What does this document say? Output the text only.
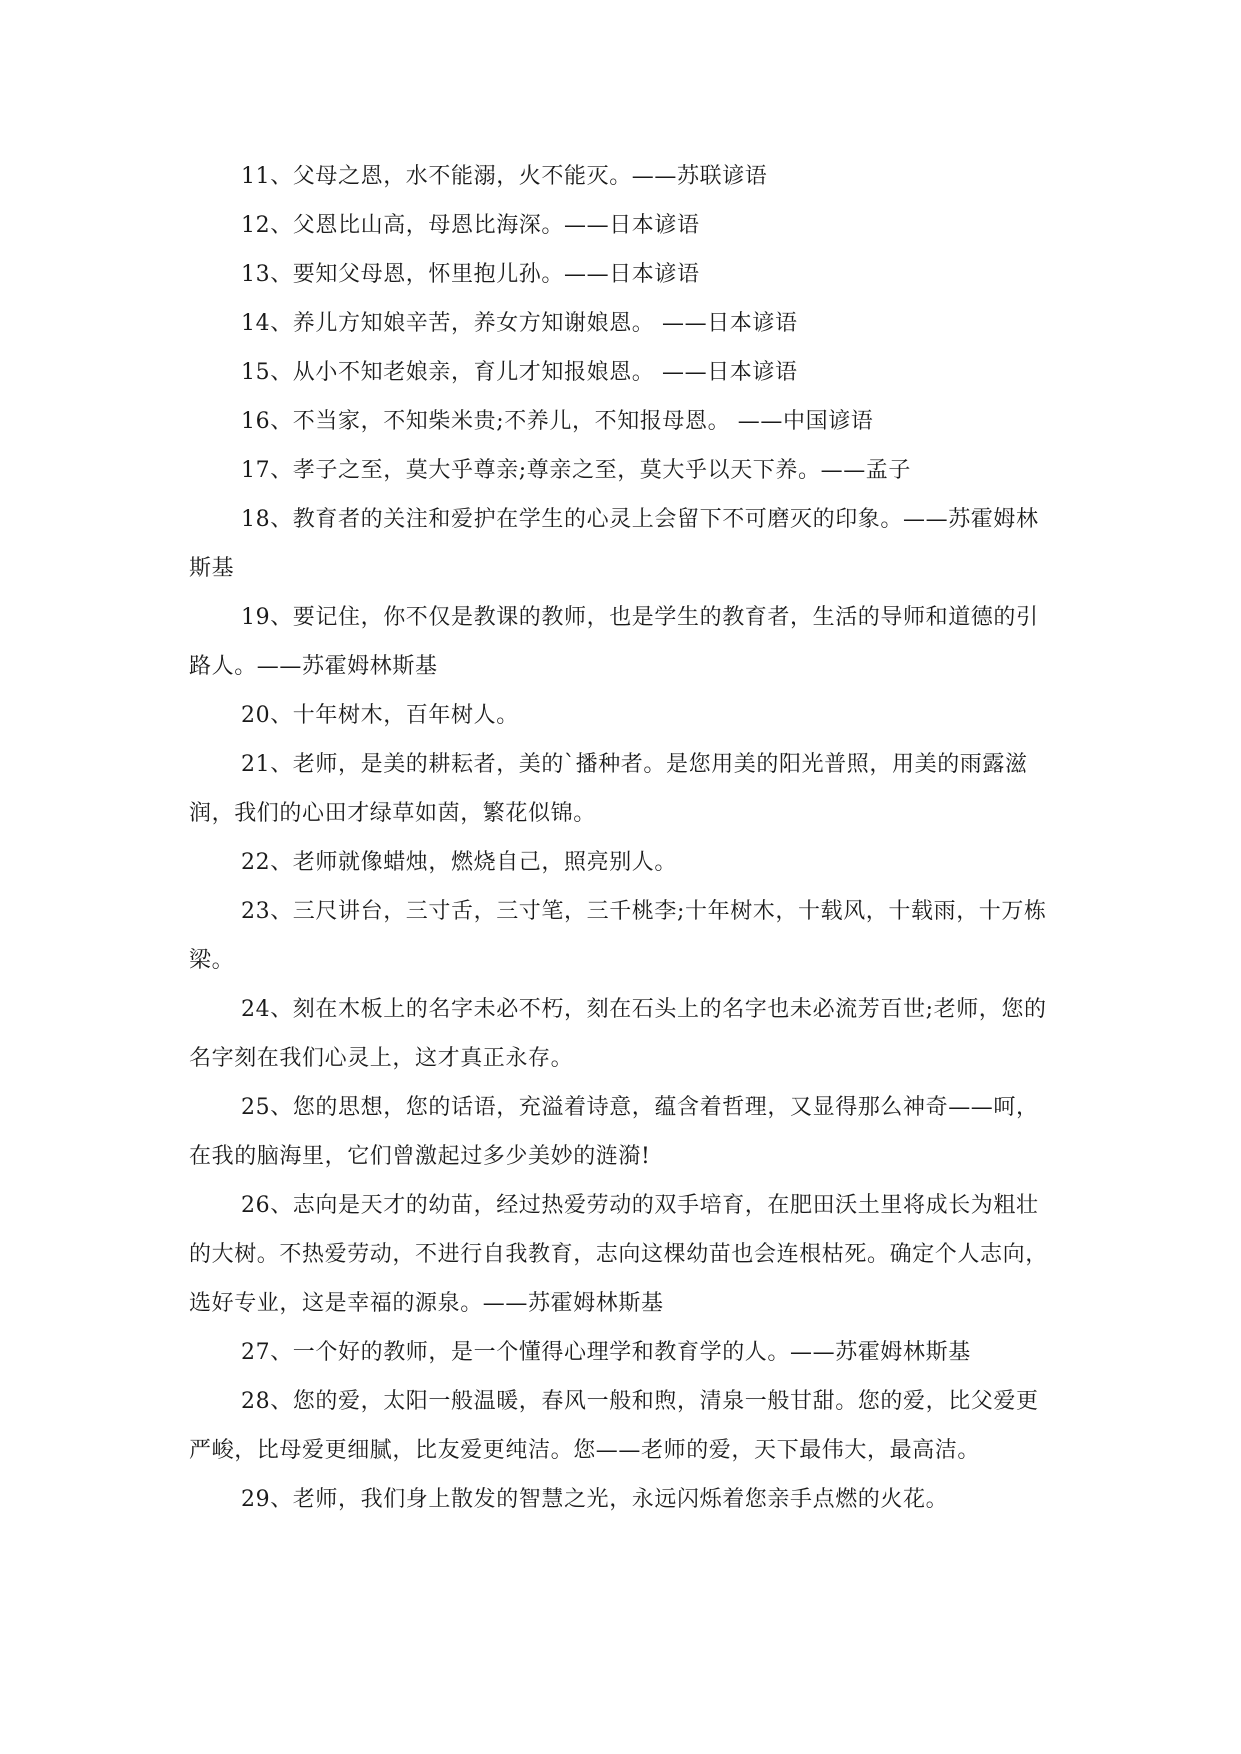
11、父母之恩，水不能溺，火不能灭。——苏联谚语

12、父恩比山高，母恩比海深。——日本谚语

13、要知父母恩，怀里抱儿孙。——日本谚语

14、养儿方知娘辛苦，养女方知谢娘恩。 ——日本谚语

15、从小不知老娘亲，育儿才知报娘恩。 ——日本谚语

16、不当家，不知柴米贵;不养儿，不知报母恩。 ——中国谚语

17、孝子之至，莫大乎尊亲;尊亲之至，莫大乎以天下养。——孟子

18、教育者的关注和爱护在学生的心灵上会留下不可磨灭的印象。——苏霍姆林斯基

19、要记住，你不仅是教课的教师，也是学生的教育者，生活的导师和道德的引路人。——苏霍姆林斯基

20、十年树木，百年树人。

21、老师，是美的耕耘者，美的`播种者。是您用美的阳光普照，用美的雨露滋润，我们的心田才绿草如茵，繁花似锦。

22、老师就像蜡烛，燃烧自己，照亮别人。

23、三尺讲台，三寸舌，三寸笔，三千桃李;十年树木，十载风，十载雨，十万栋梁。

24、刻在木板上的名字未必不朽，刻在石头上的名字也未必流芳百世;老师，您的名字刻在我们心灵上，这才真正永存。

25、您的思想，您的话语，充溢着诗意，蕴含着哲理，又显得那么神奇——呵，在我的脑海里，它们曾激起过多少美妙的涟漪!

26、志向是天才的幼苗，经过热爱劳动的双手培育，在肥田沃土里将成长为粗壮的大树。不热爱劳动，不进行自我教育，志向这棵幼苗也会连根枯死。确定个人志向，选好专业，这是幸福的源泉。——苏霍姆林斯基

27、一个好的教师，是一个懂得心理学和教育学的人。——苏霍姆林斯基

28、您的爱，太阳一般温暖，春风一般和煦，清泉一般甘甜。您的爱，比父爱更严峻，比母爱更细腻，比友爱更纯洁。您——老师的爱，天下最伟大，最高洁。

29、老师，我们身上散发的智慧之光，永远闪烁着您亲手点燃的火花。
